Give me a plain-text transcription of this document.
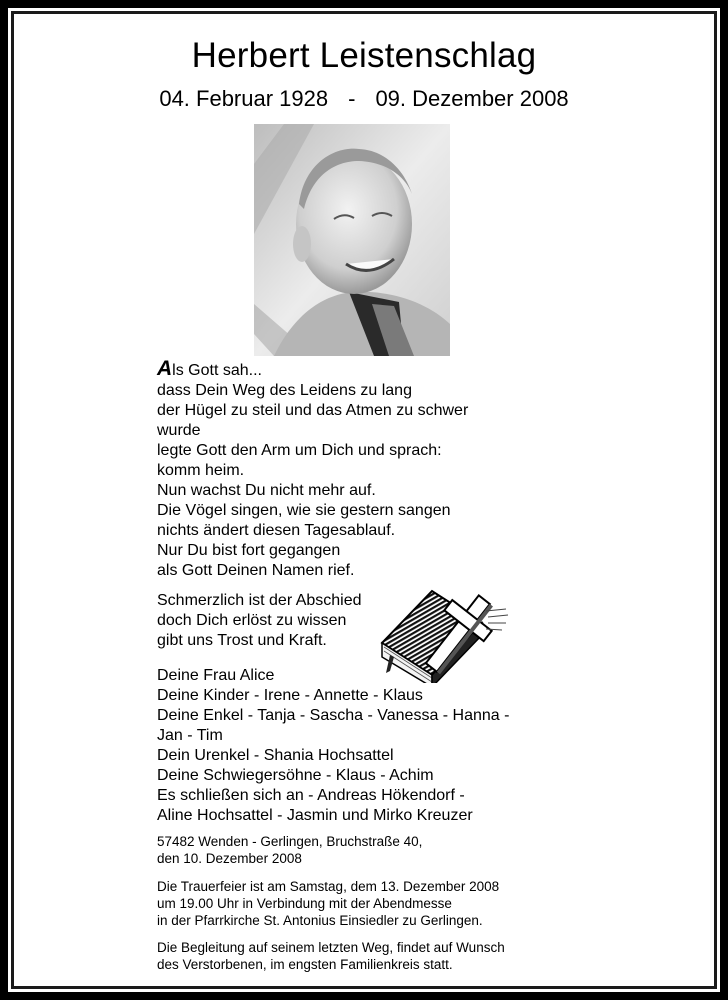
Herbert Leistenschlag
04. Februar 1928 - 09. Dezember 2008
Als Gott sah...
dass Dein Weg des Leidens zu lang
der Hügel zu steil und das Atmen zu schwer
wurde
legte Gott den Arm um Dich und sprach:
komm heim.
Nun wachst Du nicht mehr auf.
Die Vögel singen, wie sie gestern sangen
nichts ändert diesen Tagesablauf.
Nur Du bist fort gegangen
als Gott Deinen Namen rief.
Schmerzlich ist der Abschied
doch Dich erlöst zu wissen
gibt uns Trost und Kraft.
Deine Frau Alice
Deine Kinder - Irene - Annette - Klaus
Deine Enkel - Tanja - Sascha - Vanessa - Hanna -
Jan - Tim
Dein Urenkel - Shania Hochsattel
Deine Schwiegersöhne - Klaus - Achim
Es schließen sich an - Andreas Hökendorf -
Aline Hochsattel - Jasmin und Mirko Kreuzer
57482 Wenden - Gerlingen, Bruchstraße 40,
den 10. Dezember 2008
Die Trauerfeier ist am Samstag, dem 13. Dezember 2008
um 19.00 Uhr in Verbindung mit der Abendmesse
in der Pfarrkirche St. Antonius Einsiedler zu Gerlingen.
Die Begleitung auf seinem letzten Weg, findet auf Wunsch
des Verstorbenen, im engsten Familienkreis statt.
